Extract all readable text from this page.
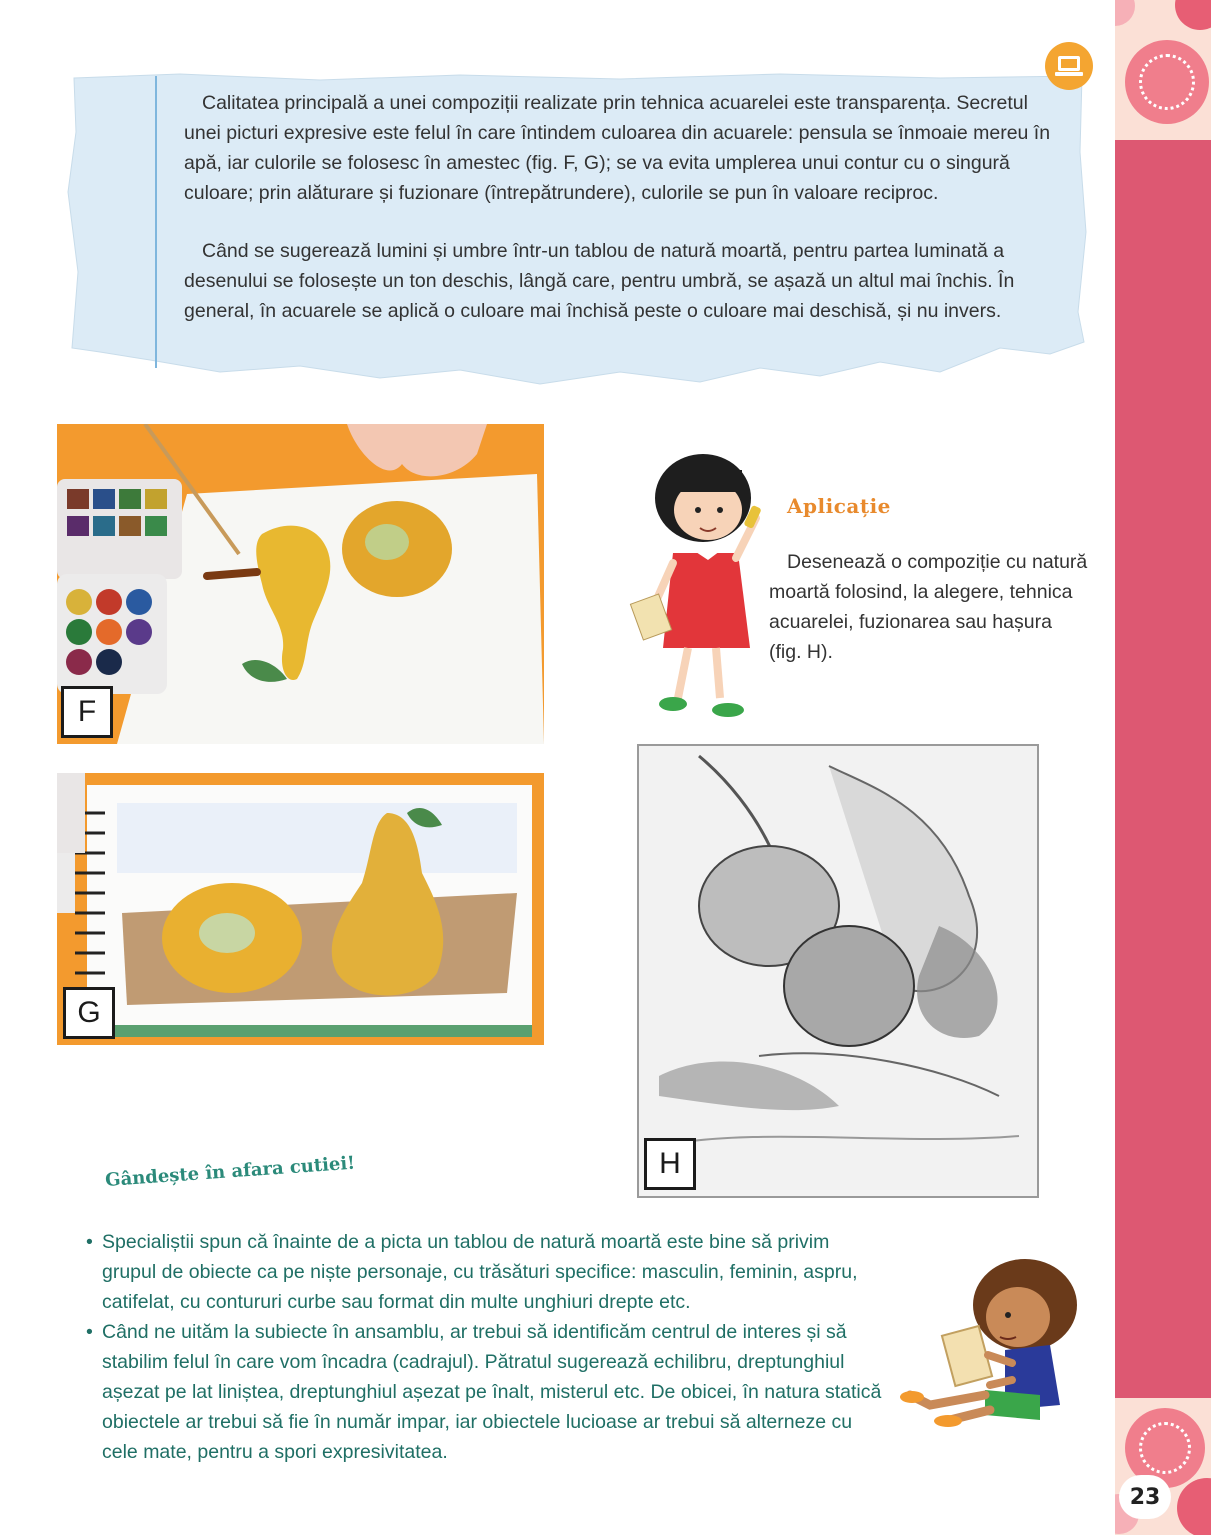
23

Calitatea principală a unei compoziții realizate prin tehnica acuarelei este transparența. Secretul unei picturi expresive este felul în care întindem culoarea din acuarele: pensula se înmoaie mereu în apă, iar culorile se folosesc în amestec (fig. F, G); se va evita umplerea unui contur cu o singură culoare; prin alăturare și fuzionare (întrepătrundere), culorile se pun în valoare reciproc.

Când se sugerează lumini și umbre într-un tablou de natură moartă, pentru partea luminată a desenului se folosește un ton deschis, lângă care, pentru umbră, se așază un altul mai închis. În general, în acuarele se aplică o culoare mai închisă peste o culoare mai deschisă, și nu invers.

F
G
Aplicație
Desenează o compoziție cu natură moartă folosind, la alegere, tehnica acuarelei, fuzionarea sau hașura (fig. H).
H
Gândește în afara cutiei!
• Specialiștii spun că înainte de a picta un tablou de natură moartă este bine să privim grupul de obiecte ca pe niște personaje, cu trăsături specifice: masculin, feminin, aspru, catifelat, cu contururi curbe sau format din multe unghiuri drepte etc.
• Când ne uităm la subiecte în ansamblu, ar trebui să identificăm centrul de interes și să stabilim felul în care vom încadra (cadrajul). Pătratul sugerează echilibru, dreptunghiul așezat pe lat liniștea, dreptunghiul așezat pe înalt, misterul etc. De obicei, în natura statică obiectele ar trebui să fie în număr impar, iar obiectele lucioase ar trebui să alterneze cu cele mate, pentru a spori expresivitatea.
